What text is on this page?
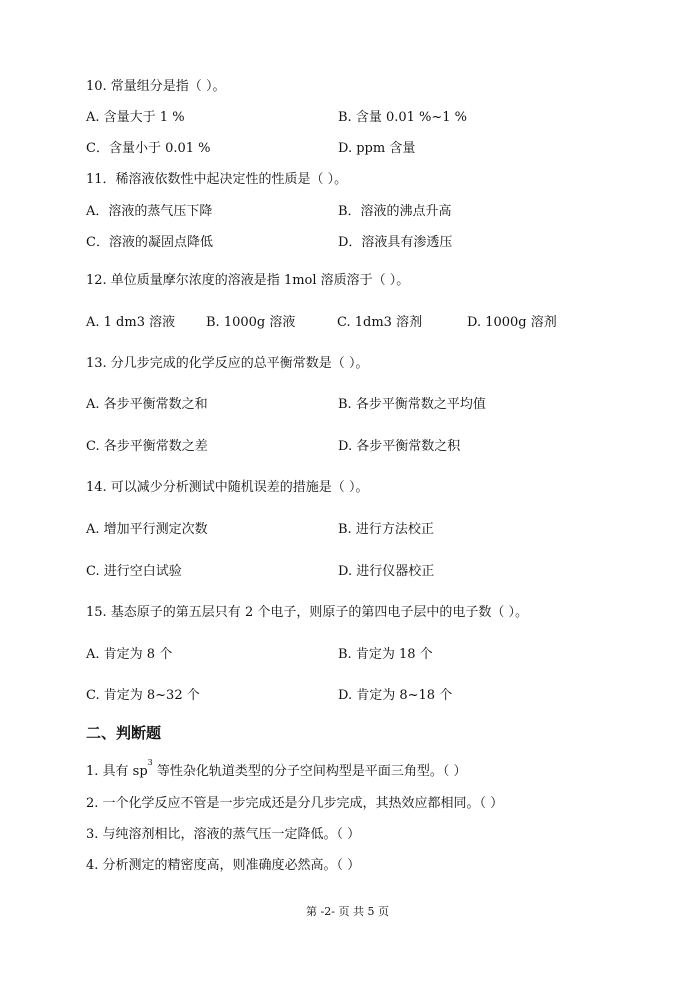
10. 常量组分是指（ ）。
A. 含量大于 1 %	B. 含量 0.01 %~1 %
C．含量小于 0.01 %	D. ppm 含量
11．稀溶液依数性中起决定性的性质是（ ）。
A．溶液的蒸气压下降	B．溶液的沸点升高
C．溶液的凝固点降低	D．溶液具有渗透压
12. 单位质量摩尔浓度的溶液是指 1mol 溶质溶于（ ）。
A. 1 dm3 溶液 B. 1000g 溶液	C. 1dm3 溶剂	D. 1000g 溶剂
13. 分几步完成的化学反应的总平衡常数是（ ）。
A. 各步平衡常数之和	B. 各步平衡常数之平均值
C. 各步平衡常数之差	D. 各步平衡常数之积
14. 可以减少分析测试中随机误差的措施是（ ）。
A. 增加平行测定次数	B. 进行方法校正
C. 进行空白试验	D. 进行仪器校正
15. 基态原子的第五层只有 2 个电子，则原子的第四电子层中的电子数（ ）。
A. 肯定为 8 个	B. 肯定为 18 个
C. 肯定为 8~32 个	D. 肯定为 8~18 个
二、判断题
1. 具有 $sp^3$ 等性杂化轨道类型的分子空间构型是平面三角型。（ ）
2. 一个化学反应不管是一步完成还是分几步完成，其热效应都相同。（ ）
3. 与纯溶剂相比，溶液的蒸气压一定降低。（ ）
4. 分析测定的精密度高，则准确度必然高。（ ）
第 -2- 页 共 5 页
